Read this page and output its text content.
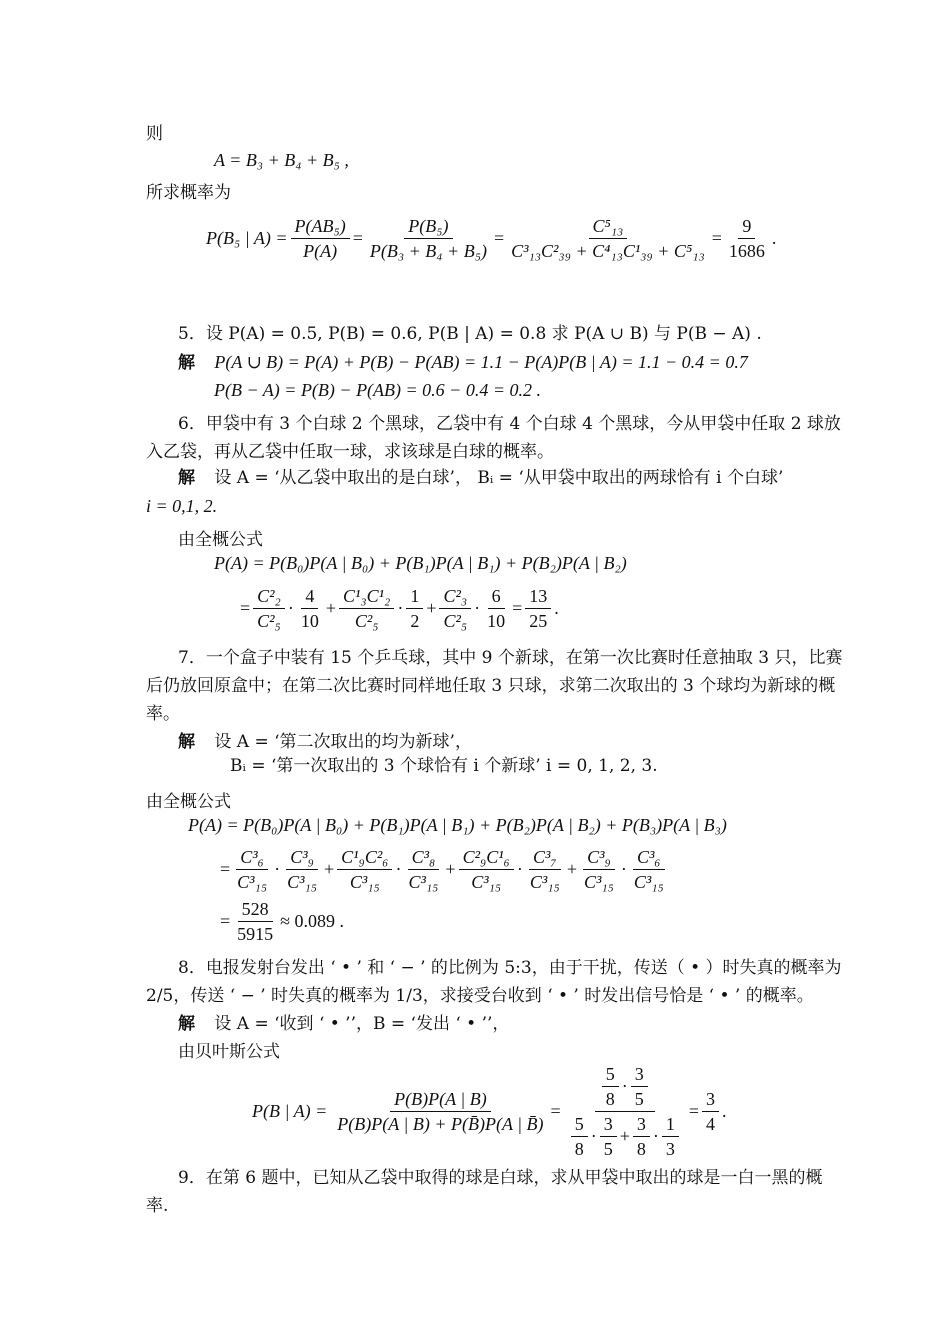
则
A = B₃ + B₄ + B₅ ,
所求概率为
P(B₅ | $A) = \frac{\text{P(AB₅)}}{P(A)} = \frac{\text{P(B₅)}}{\text{P(B₃ + B₄ + B₅)}} = \frac{\text{C⁵₁₃}}{\text{C³₁₃C²₃₉ + C⁴₁₃C¹₃₉ + C⁵₁₃}} = \frac{9}{1686}$ .
5．设 P(A) = 0.5, P(B) = 0.6, P(B | A) = 0.8 求 P(A ∪ B) 与 P(B − A) .
解 P(A ∪ B) = P(A) + P(B) − P(AB) = 1.1 − P(A)P(B | A) = 1.1 − 0.4 = 0.7
P(B − A) = P(B) − P(AB) = 0.6 − 0.4 = 0.2 .
6．甲袋中有 3 个白球 2 个黑球，乙袋中有 4 个白球 4 个黑球，今从甲袋中任取 2 球放
入乙袋，再从乙袋中任取一球，求该球是白球的概率。
解 设 A = ‘从乙袋中取出的是白球’， Bᵢ = ‘从甲袋中取出的两球恰有 i 个白球’
i = 0,1, 2.
由全概公式
P(A) = P(B₀)P(A | B₀) + P(B₁)P(A | B₁) + P(B₂)P(A | B₂)
= $\frac{\text{C²₂}}{\text{C²₅}} \cdot \frac{4}{10} + \frac{\text{C¹₃C¹₂}}{\text{C²₅}} \cdot \frac{1}{2} + \frac{\text{C²₃}}{\text{C²₅}} \cdot \frac{6}{10} = \frac{13}{25}$ .
7．一个盒子中装有 15 个乒乓球，其中 9 个新球，在第一次比赛时任意抽取 3 只，比赛
后仍放回原盒中；在第二次比赛时同样地任取 3 只球，求第二次取出的 3 个球均为新球的概
率。
解 设 A = ‘第二次取出的均为新球’，
Bᵢ = ‘第一次取出的 3 个球恰有 i 个新球’ i = 0, 1, 2, 3.
由全概公式
P(A) = P(B₀)P(A | B₀) + P(B₁)P(A | B₁) + P(B₂)P(A | B₂) + P(B₃)P(A | B₃)
= $\frac{\text{C³₆}}{\text{C³₁₅}} \cdot \frac{\text{C³₉}}{\text{C³₁₅}} + \frac{\text{C¹₉C²₆}}{\text{C³₁₅}} \cdot \frac{\text{C³₈}}{\text{C³₁₅}} + \frac{\text{C²₉C¹₆}}{\text{C³₁₅}} \cdot \frac{\text{C³₇}}{\text{C³₁₅}} + \frac{\text{C³₉}}{\text{C³₁₅}} \cdot \frac{\text{C³₆}}{\text{C³₁₅}}$
= $\frac{528}{5915} \approx 0.089$ .
8．电报发射台发出 ‘ • ’ 和 ‘ − ’ 的比例为 5:3，由于干扰，传送（ • ）时失真的概率为
2/5，传送 ‘ − ’ 时失真的概率为 1/3，求接受台收到 ‘ • ’ 时发出信号恰是 ‘ • ’ 的概率。
解 设 A = ‘收到 ‘ • ’’，B = ‘发出 ‘ • ’’，
由贝叶斯公式
P(B | $A) = \frac{P(B)P(A | B)}{P(B)P(A | B) + P(B̄)P(A | B̄)} = \frac{\frac{5}{8} \cdot \frac{3}{5}}{\frac{5}{8} \cdot \frac{3}{5} + \frac{3}{8} \cdot \frac{1}{3}} = \frac{3}{4}$ .
9．在第 6 题中，已知从乙袋中取得的球是白球，求从甲袋中取出的球是一白一黑的概
率.
